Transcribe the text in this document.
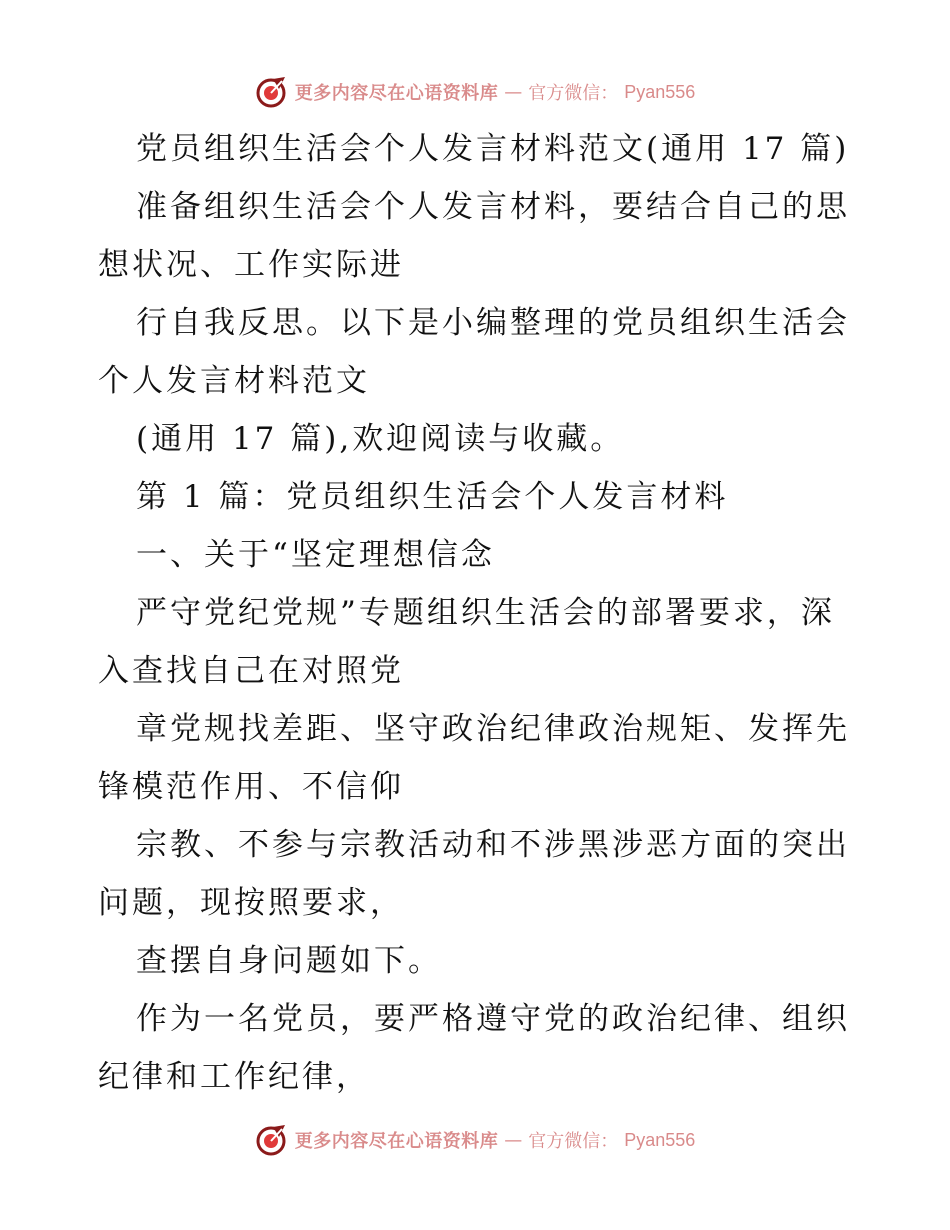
更多内容尽在心语资料库 — 官方微信： Pyan556
党员组织生活会个人发言材料范文(通用 17 篇)
准备组织生活会个人发言材料，要结合自己的思
想状况、工作实际进
行自我反思。以下是小编整理的党员组织生活会
个人发言材料范文
(通用 17 篇),欢迎阅读与收藏。
第 1 篇：党员组织生活会个人发言材料
一、关于“坚定理想信念
严守党纪党规”专题组织生活会的部署要求，深
入查找自己在对照党
章党规找差距、坚守政治纪律政治规矩、发挥先
锋模范作用、不信仰
宗教、不参与宗教活动和不涉黑涉恶方面的突出
问题，现按照要求，
查摆自身问题如下。
作为一名党员，要严格遵守党的政治纪律、组织
纪律和工作纪律，
更多内容尽在心语资料库 — 官方微信： Pyan556
